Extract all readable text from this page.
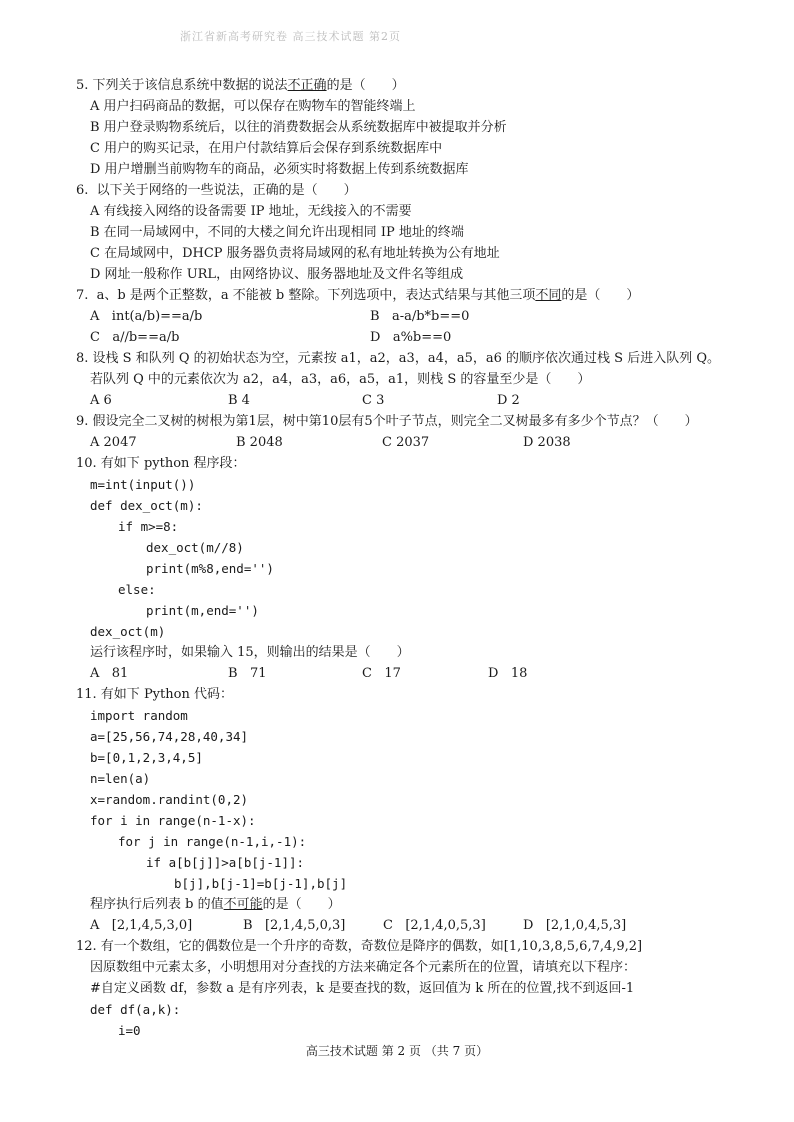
浙江省新高考研究卷 高三技术试题 第2页
5. 下列关于该信息系统中数据的说法不正确的是（　　）
A 用户扫码商品的数据，可以保存在购物车的智能终端上
B 用户登录购物系统后，以往的消费数据会从系统数据库中被提取并分析
C 用户的购买记录，在用户付款结算后会保存到系统数据库中
D 用户增删当前购物车的商品，必须实时将数据上传到系统数据库
6.  以下关于网络的一些说法，正确的是（　　）
A 有线接入网络的设备需要 IP 地址，无线接入的不需要
B 在同一局域网中，不同的大楼之间允许出现相同 IP 地址的终端
C 在局域网中，DHCP 服务器负责将局域网的私有地址转换为公有地址
D 网址一般称作 URL，由网络协议、服务器地址及文件名等组成
7.  a、b 是两个正整数，a 不能被 b 整除。下列选项中，表达式结果与其他三项不同的是（　　）
A   int(a/b)==a/b	B   a-a/b*b==0
C   a//b==a/b	D   a%b==0
8. 设栈 S 和队列 Q 的初始状态为空，元素按 a1，a2，a3，a4，a5，a6 的顺序依次通过栈 S 后进入队列 Q。
若队列 Q 中的元素依次为 a2，a4，a3，a6，a5，a1，则栈 S 的容量至少是（　　）
A 6	B 4	C 3	D 2
9. 假设完全二叉树的树根为第1层，树中第10层有5个叶子节点，则完全二叉树最多有多少个节点？（　　）
A 2047	B 2048	C 2037	D 2038
10. 有如下 python 程序段：
m=int(input())
def dex_oct(m):
if m>=8:
dex_oct(m//8)
print(m%8,end='')
else:
print(m,end='')
dex_oct(m)
运行该程序时，如果输入 15，则输出的结果是（　　）
A   81	B   71	C   17	D   18
11. 有如下 Python 代码：
import random
a=[25,56,74,28,40,34]
b=[0,1,2,3,4,5]
n=len(a)
x=random.randint(0,2)
for i in range(n-1-x):
for j in range(n-1,i,-1):
if a[b[j]]>a[b[j-1]]:
b[j],b[j-1]=b[j-1],b[j]
程序执行后列表 b 的值不可能的是（　　）
A   [2,1,4,5,3,0]	B   [2,1,4,5,0,3]	C   [2,1,4,0,5,3]	D   [2,1,0,4,5,3]
12. 有一个数组，它的偶数位是一个升序的奇数，奇数位是降序的偶数，如[1,10,3,8,5,6,7,4,9,2]
因原数组中元素太多，小明想用对分查找的方法来确定各个元素所在的位置，请填充以下程序：
#自定义函数 df，参数 a 是有序列表，k 是要查找的数，返回值为 k 所在的位置,找不到返回-1
def df(a,k):
i=0
高三技术试题 第 2 页 （共 7 页）
